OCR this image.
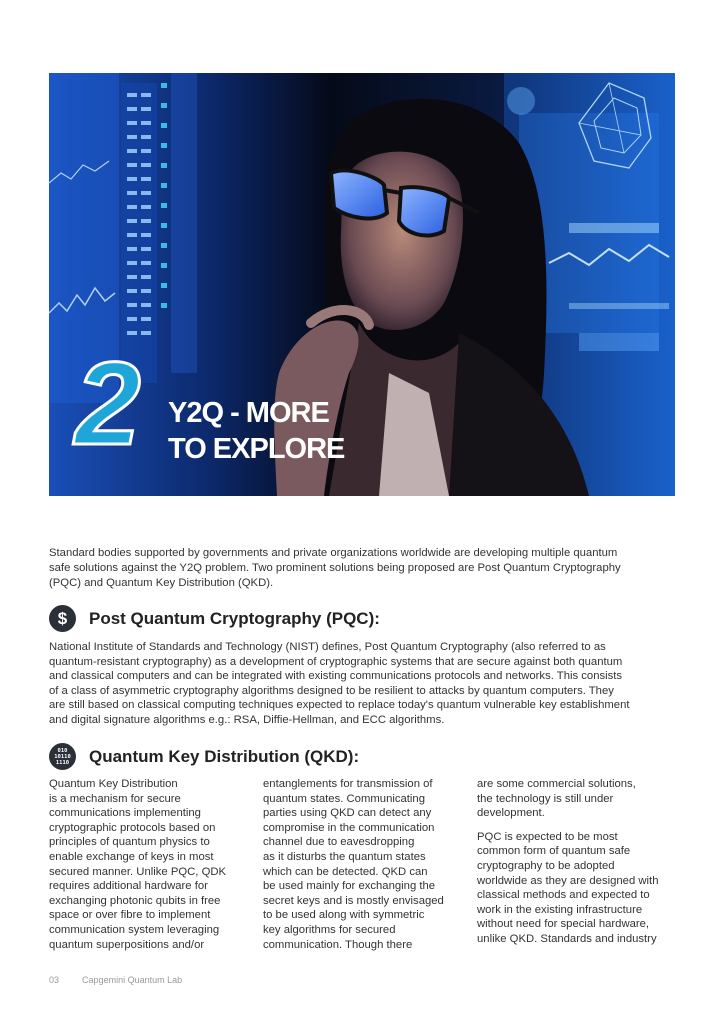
2 Y2Q - MORE
TO EXPLORE

Standard bodies supported by governments and private organizations worldwide are developing multiple quantum

safe solutions against the Y2Q problem. Two prominent solutions being proposed are Post Quantum Cryptography

(PQC) and Quantum Key Distribution (QKD).

$ Post Quantum Cryptography (PQC):

National Institute of Standards and Technology (NIST) defines, Post Quantum Cryptography (also referred to as

quantum-resistant cryptography) as a development of cryptographic systems that are secure against both quantum

and classical computers and can be integrated with existing communications protocols and networks. This consists

of a class of asymmetric cryptography algorithms designed to be resilient to attacks by quantum computers. They

are still based on classical computing techniques expected to replace today's quantum vulnerable key establishment

and digital signature algorithms e.g.: RSA, Diffie-Hellman, and ECC algorithms.

010
10110
1110 Quantum Key Distribution (QKD):
Quantum Key Distribution
is a mechanism for secure
communications implementing
cryptographic protocols based on
principles of quantum physics to
enable exchange of keys in most
secured manner. Unlike PQC, QDK
requires additional hardware for
exchanging photonic qubits in free
space or over fibre to implement
communication system leveraging
quantum superpositions and/or
entanglements for transmission of
quantum states. Communicating
parties using QKD can detect any
compromise in the communication
channel due to eavesdropping
as it disturbs the quantum states
which can be detected. QKD can
be used mainly for exchanging the
secret keys and is mostly envisaged
to be used along with symmetric
key algorithms for secured
communication. Though there
are some commercial solutions,
the technology is still under
development.
PQC is expected to be most
common form of quantum safe
cryptography to be adopted
worldwide as they are designed with
classical methods and expected to
work in the existing infrastructure
without need for special hardware,
unlike QKD. Standards and industry
03	Capgemini Quantum Lab
